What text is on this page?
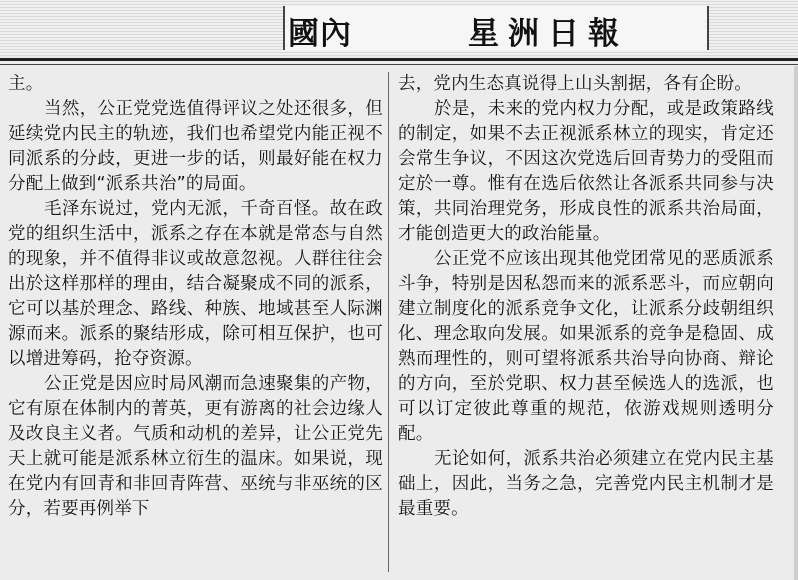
國內	星洲日報

主。

当然，公正党党选值得评议之处还很多，但延续党内民主的轨迹，我们也希望党内能正视不同派系的分歧，更进一步的话，则最好能在权力分配上做到“派系共治”的局面。

毛泽东说过，党内无派，千奇百怪。故在政党的组织生活中，派系之存在本就是常态与自然的现象，并不值得非议或故意忽视。人群往往会出於这样那样的理由，结合凝聚成不同的派系，它可以基於理念、路线、种族、地域甚至人际渊源而来。派系的聚结形成，除可相互保护，也可以增进筹码，抢夺资源。

公正党是因应时局风潮而急速聚集的产物，它有原在体制内的菁英，更有游离的社会边缘人及改良主义者。气质和动机的差异，让公正党先天上就可能是派系林立衍生的温床。如果说，现在党内有回青和非回青阵营、巫统与非巫统的区分，若要再例举下

去，党内生态真说得上山头割据，各有企盼。

於是，未来的党内权力分配，或是政策路线的制定，如果不去正视派系林立的现实，肯定还会常生争议，不因这次党选后回青势力的受阻而定於一尊。惟有在选后依然让各派系共同参与决策，共同治理党务，形成良性的派系共治局面，才能创造更大的政治能量。

公正党不应该出现其他党团常见的恶质派系斗争，特别是因私怨而来的派系恶斗，而应朝向建立制度化的派系竞争文化，让派系分歧朝组织化、理念取向发展。如果派系的竞争是稳固、成熟而理性的，则可望将派系共治导向协商、辩论的方向，至於党职、权力甚至候选人的选派，也可以订定彼此尊重的规范，依游戏规则透明分配。

无论如何，派系共治必须建立在党内民主基础上，因此，当务之急，完善党内民主机制才是最重要。
